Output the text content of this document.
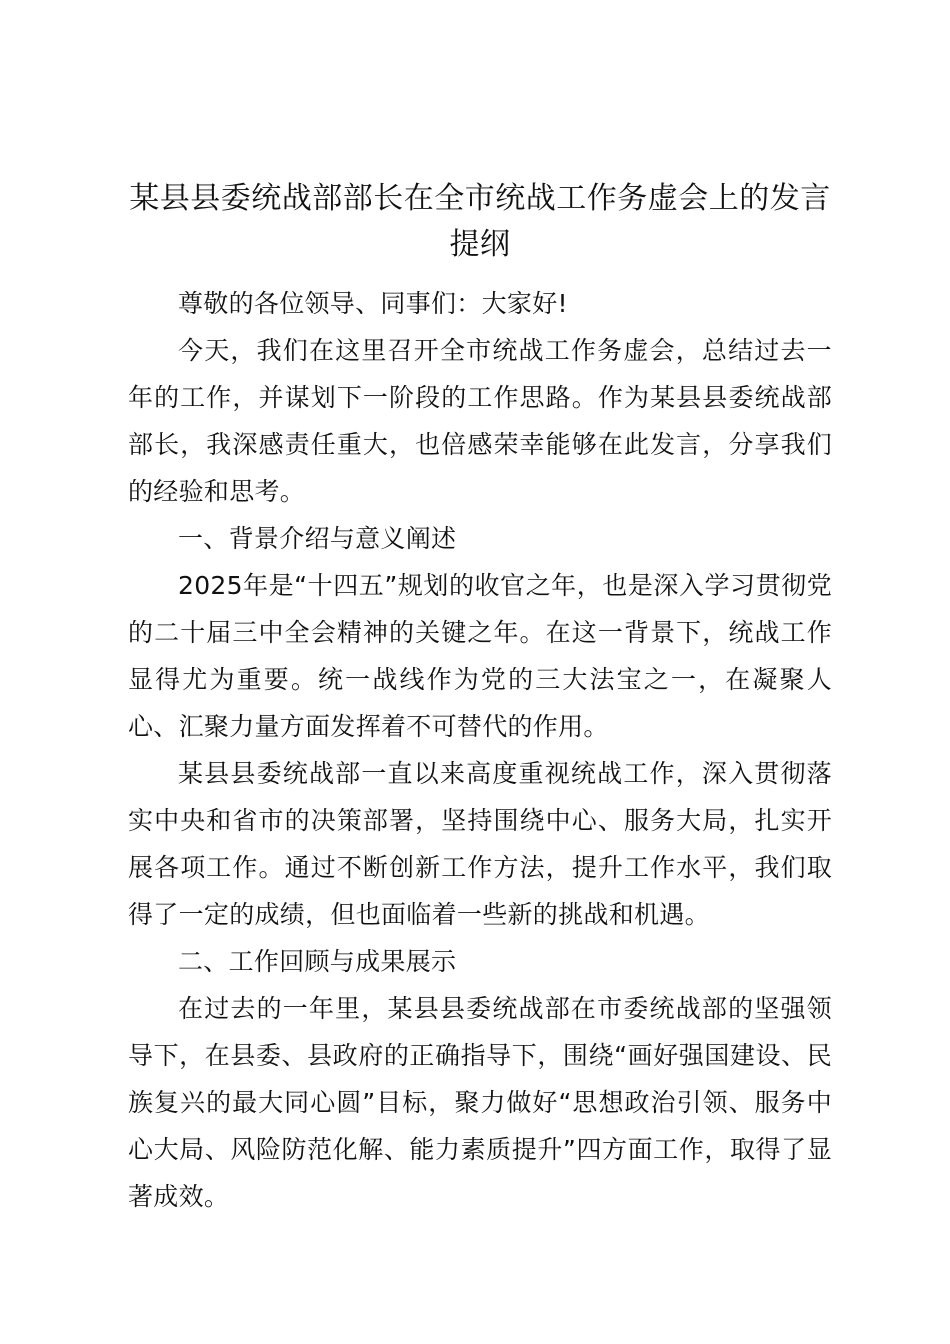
某县县委统战部部长在全市统战工作务虚会上的发言提纲

尊敬的各位领导、同事们：大家好!

今天，我们在这里召开全市统战工作务虚会，总结过去一年的工作，并谋划下一阶段的工作思路。作为某县县委统战部部长，我深感责任重大，也倍感荣幸能够在此发言，分享我们的经验和思考。

一、背景介绍与意义阐述

2025年是“十四五”规划的收官之年，也是深入学习贯彻党的二十届三中全会精神的关键之年。在这一背景下，统战工作显得尤为重要。统一战线作为党的三大法宝之一，在凝聚人心、汇聚力量方面发挥着不可替代的作用。

某县县委统战部一直以来高度重视统战工作，深入贯彻落实中央和省市的决策部署，坚持围绕中心、服务大局，扎实开展各项工作。通过不断创新工作方法，提升工作水平，我们取得了一定的成绩，但也面临着一些新的挑战和机遇。

二、工作回顾与成果展示

在过去的一年里，某县县委统战部在市委统战部的坚强领导下，在县委、县政府的正确指导下，围绕“画好强国建设、民族复兴的最大同心圆”目标，聚力做好“思想政治引领、服务中心大局、风险防范化解、能力素质提升”四方面工作，取得了显著成效。
